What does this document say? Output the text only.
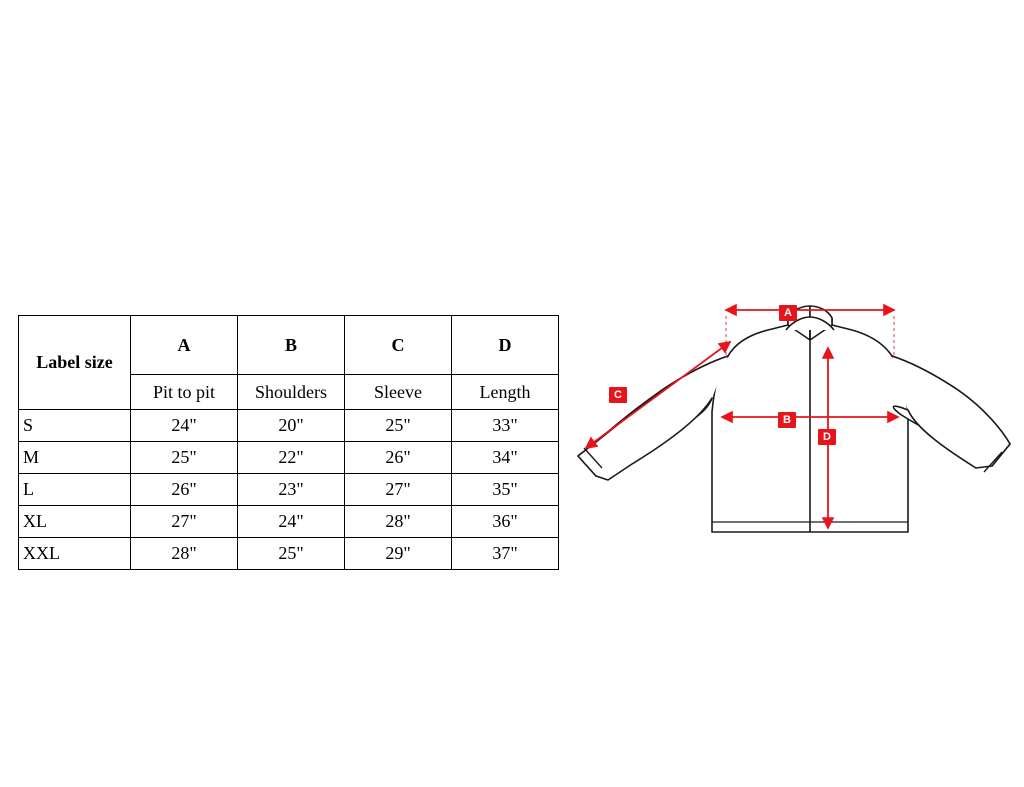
Label size	A	B	C	D
	Pit to pit	Shoulders	Sleeve	Length
S	24"	20"	25"	33"
M	25"	22"	26"	34"
L	26"	23"	27"	35"
XL	27"	24"	28"	36"
XXL	28"	25"	29"	37"
A
B
C
D
